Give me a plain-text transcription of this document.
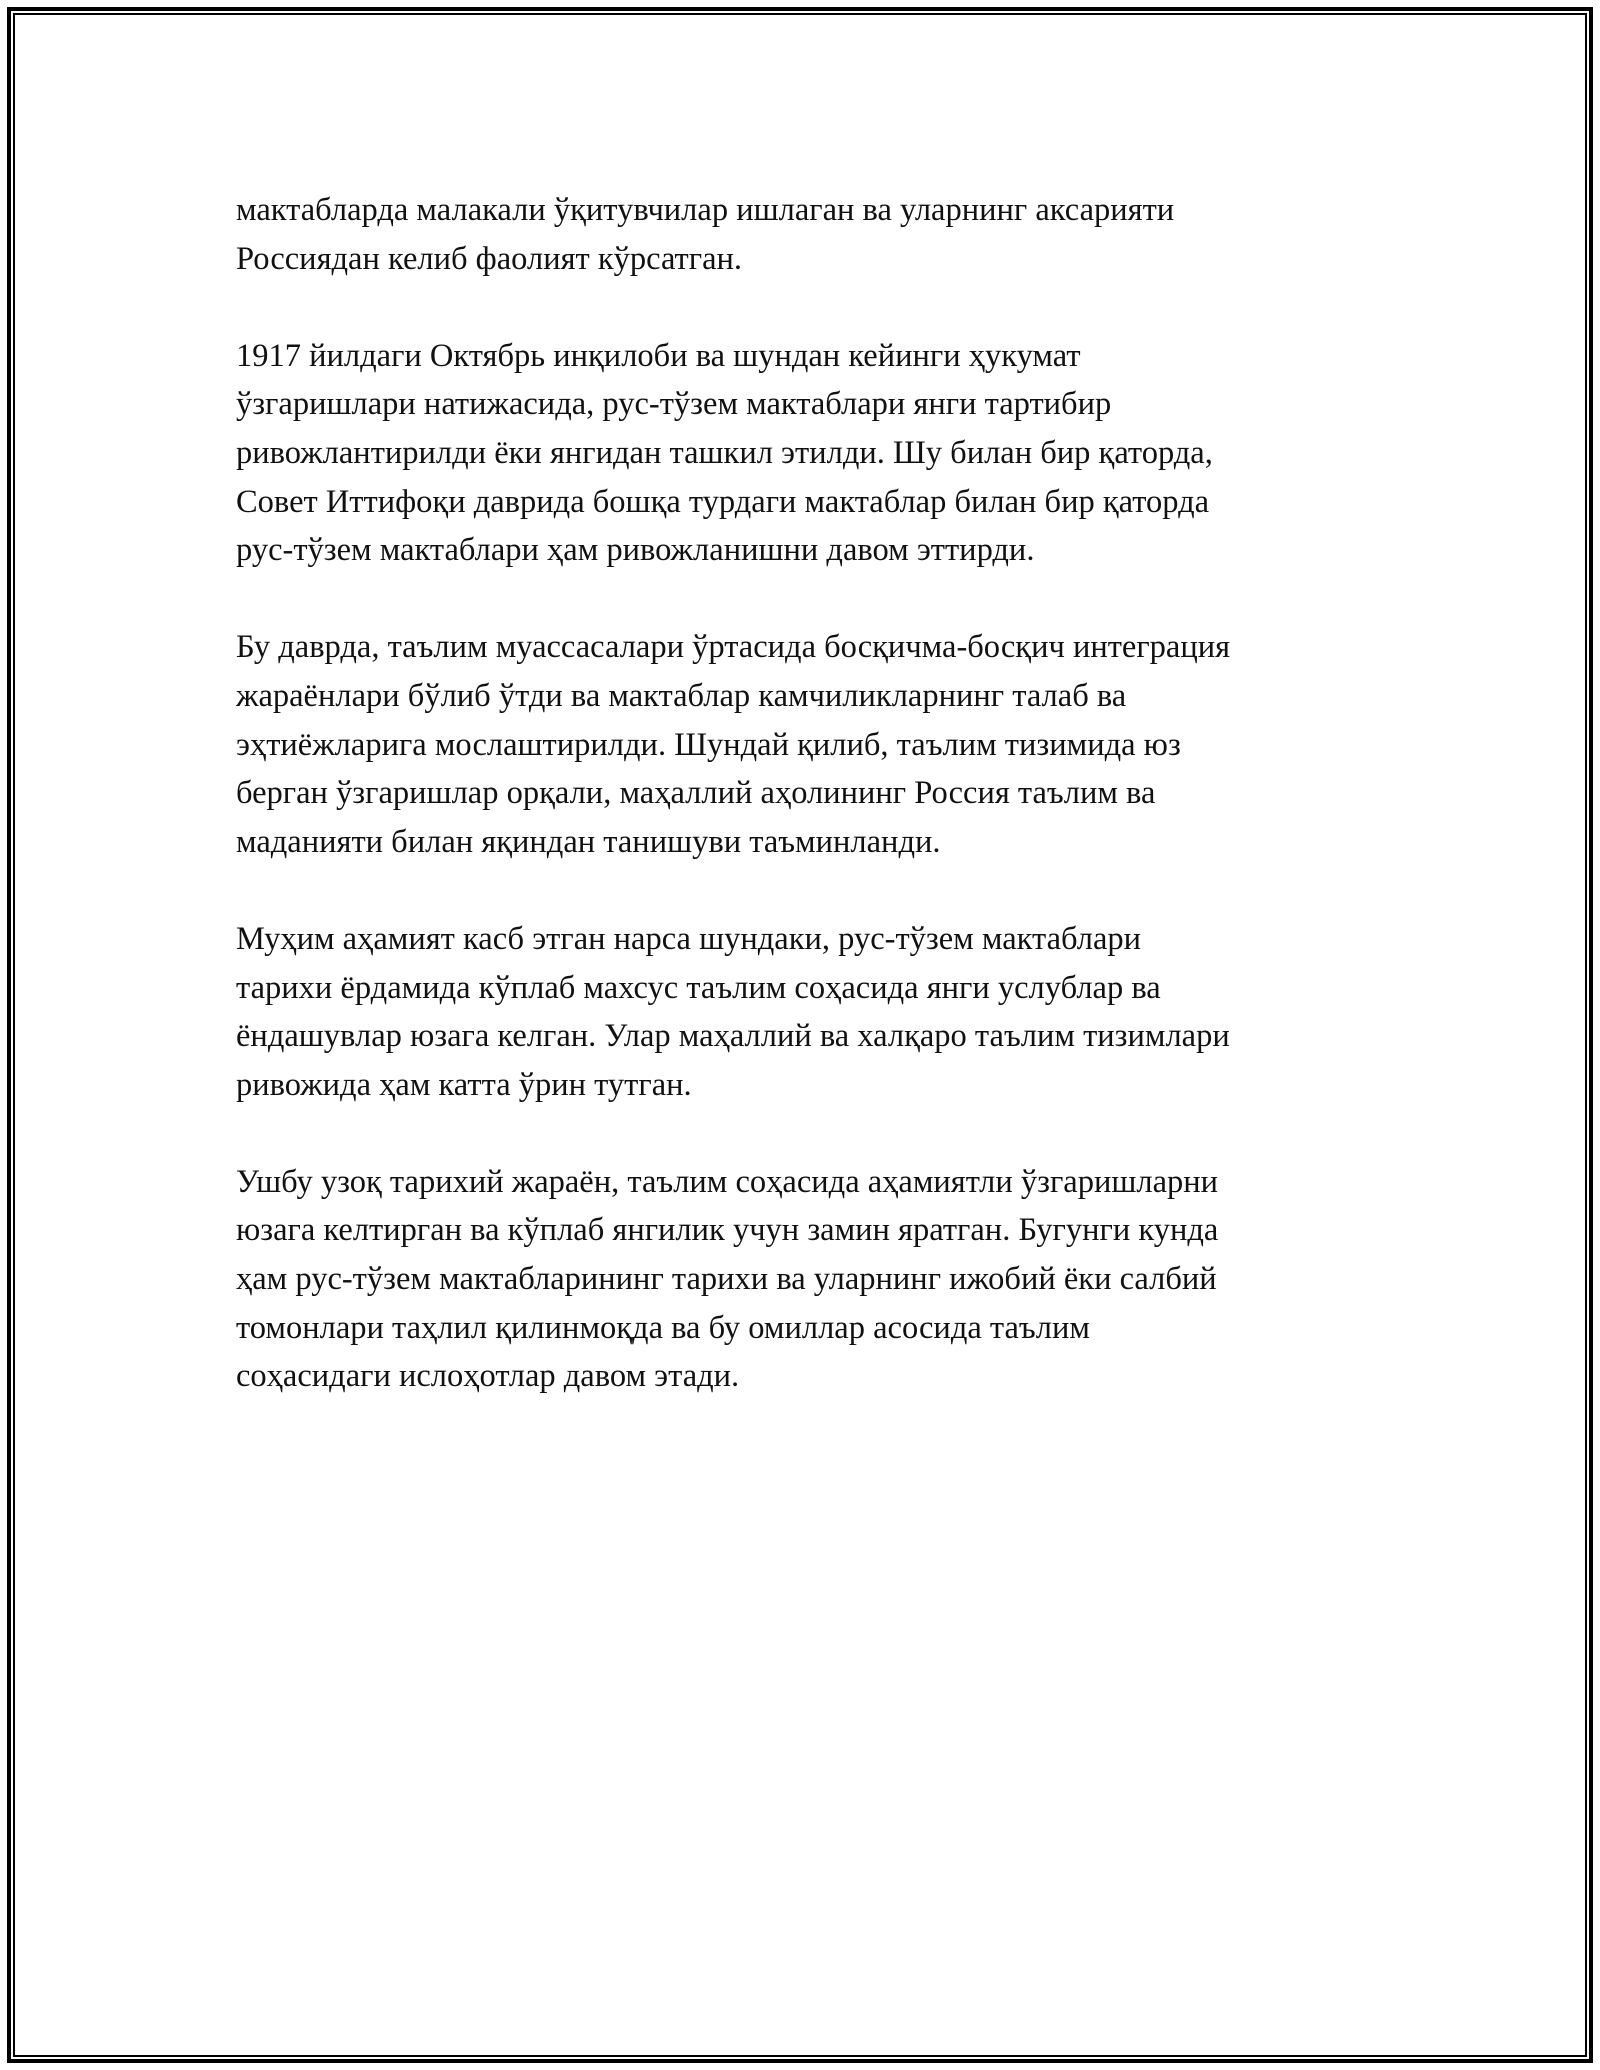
мактабларда малакали ўқитувчилар ишлаган ва уларнинг аксарияти
Россиядан келиб фаолият кўрсатган.
1917 йилдаги Октябрь инқилоби ва шундан кейинги ҳукумат
ўзгаришлари натижасида, рус-тўзем мактаблари янги тартибир
ривожлантирилди ёки янгидан ташкил этилди. Шу билан бир қаторда,
Совет Иттифоқи даврида бошқа турдаги мактаблар билан бир қаторда
рус-тўзем мактаблари ҳам ривожланишни давом эттирди.
Бу даврда, таълим муассасалари ўртасида босқичма-босқич интеграция
жараёнлари бўлиб ўтди ва мактаблар камчиликларнинг талаб ва
эҳтиёжларига мослаштирилди. Шундай қилиб, таълим тизимида юз
берган ўзгаришлар орқали, маҳаллий аҳолининг Россия таълим ва
маданияти билан яқиндан танишуви таъминланди.
Муҳим аҳамият касб этган нарса шундаки, рус-тўзем мактаблари
тарихи ёрдамида кўплаб махсус таълим соҳасида янги услублар ва
ёндашувлар юзага келган. Улар маҳаллий ва халқаро таълим тизимлари
ривожида ҳам катта ўрин тутган.
Ушбу узоқ тарихий жараён, таълим соҳасида аҳамиятли ўзгаришларни
юзага келтирган ва кўплаб янгилик учун замин яратган. Бугунги кунда
ҳам рус-тўзем мактабларининг тарихи ва уларнинг ижобий ёки салбий
томонлари таҳлил қилинмоқда ва бу омиллар асосида таълим
соҳасидаги ислоҳотлар давом этади.
